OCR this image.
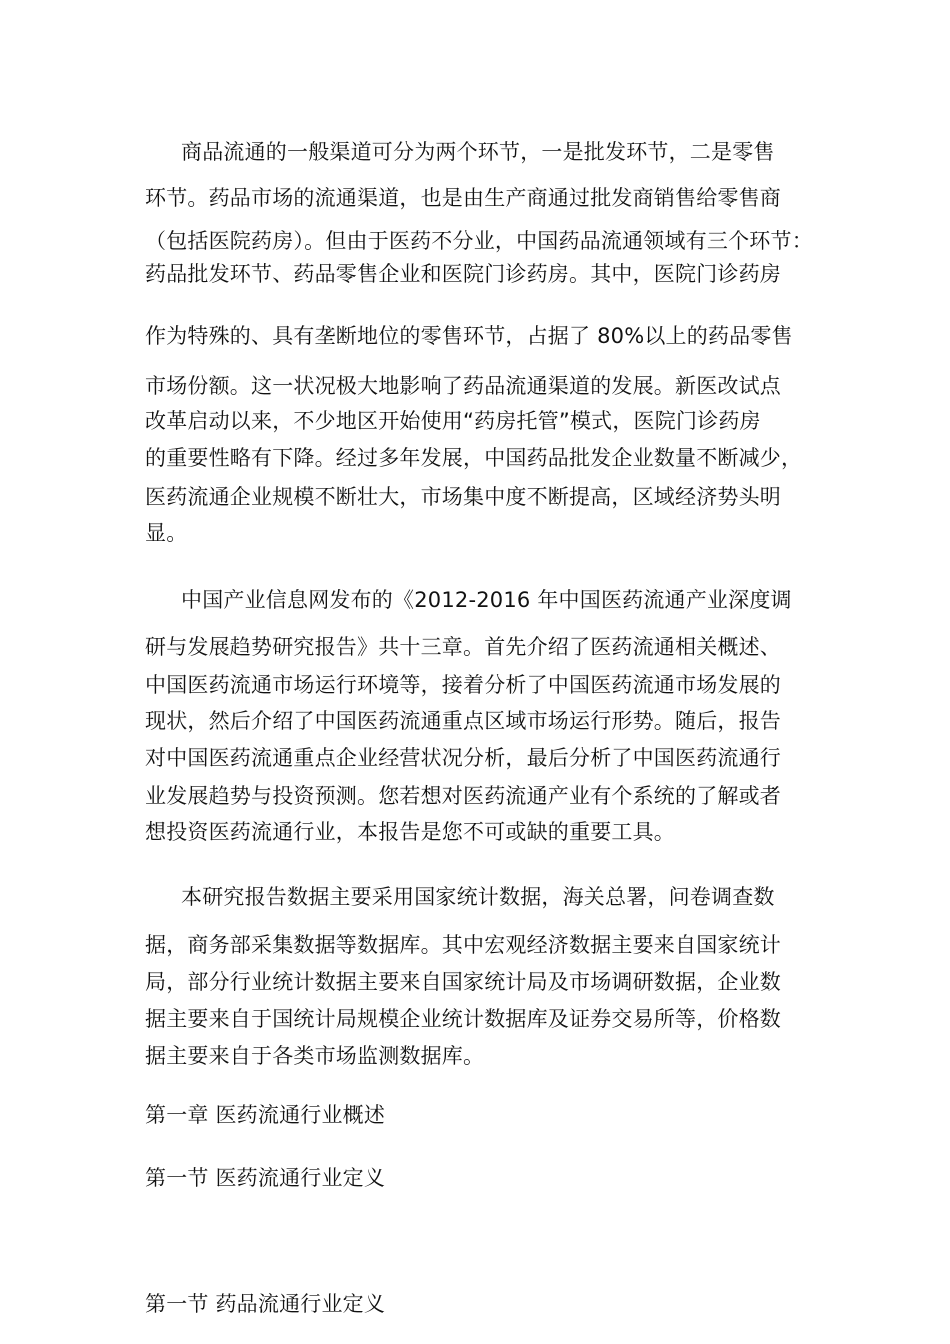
商品流通的一般渠道可分为两个环节，一是批发环节，二是零售
环节。药品市场的流通渠道，也是由生产商通过批发商销售给零售商
（包括医院药房）。但由于医药不分业，中国药品流通领域有三个环节：
药品批发环节、药品零售企业和医院门诊药房。其中，医院门诊药房
作为特殊的、具有垄断地位的零售环节，占据了 80%以上的药品零售
市场份额。这一状况极大地影响了药品流通渠道的发展。新医改试点
改革启动以来，不少地区开始使用“药房托管”模式，医院门诊药房
的重要性略有下降。经过多年发展，中国药品批发企业数量不断减少，
医药流通企业规模不断壮大，市场集中度不断提高，区域经济势头明
显。
中国产业信息网发布的《2012-2016 年中国医药流通产业深度调
研与发展趋势研究报告》共十三章。首先介绍了医药流通相关概述、
中国医药流通市场运行环境等，接着分析了中国医药流通市场发展的
现状，然后介绍了中国医药流通重点区域市场运行形势。随后，报告
对中国医药流通重点企业经营状况分析，最后分析了中国医药流通行
业发展趋势与投资预测。您若想对医药流通产业有个系统的了解或者
想投资医药流通行业，本报告是您不可或缺的重要工具。
本研究报告数据主要采用国家统计数据，海关总署，问卷调查数
据，商务部采集数据等数据库。其中宏观经济数据主要来自国家统计
局，部分行业统计数据主要来自国家统计局及市场调研数据，企业数
据主要来自于国统计局规模企业统计数据库及证券交易所等，价格数
据主要来自于各类市场监测数据库。
第一章 医药流通行业概述
第一节 医药流通行业定义
第一节 药品流通行业定义
